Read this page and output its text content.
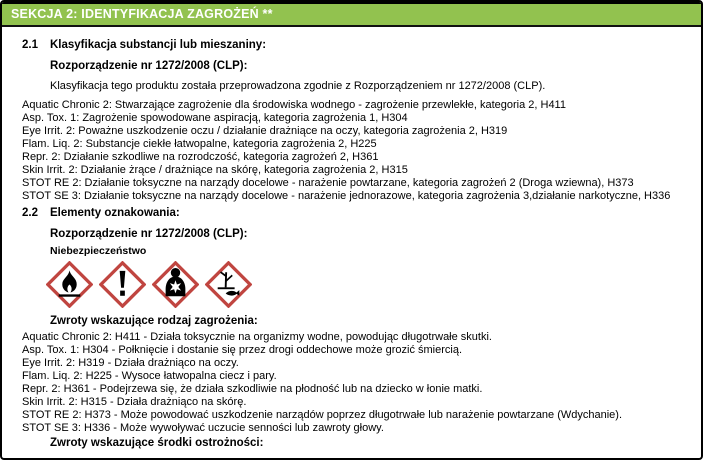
SEKCJA 2: IDENTYFIKACJA ZAGROŻEŃ **
2.1 Klasyfikacja substancji lub mieszaniny:
Rozporządzenie nr 1272/2008 (CLP):
Klasyfikacja tego produktu została przeprowadzona zgodnie z Rozporządzeniem nr 1272/2008 (CLP).
Aquatic Chronic 2: Stwarzające zagrożenie dla środowiska wodnego - zagrożenie przewlekłe, kategoria 2, H411
Asp. Tox. 1: Zagrożenie spowodowane aspiracją, kategoria zagrożenia 1, H304
Eye Irrit. 2: Poważne uszkodzenie oczu / działanie drażniące na oczy, kategoria zagrożenia 2, H319
Flam. Liq. 2: Substancje ciekłe łatwopalne, kategoria zagrożenia 2, H225
Repr. 2: Działanie szkodliwe na rozrodczość, kategoria zagrożeń 2, H361
Skin Irrit. 2: Działanie żrące / drażniące na skórę, kategoria zagrożenia 2, H315
STOT RE 2: Działanie toksyczne na narządy docelowe - narażenie powtarzane, kategoria zagrożeń 2 (Droga wziewna), H373
STOT SE 3: Działanie toksyczne na narządy docelowe - narażenie jednorazowe, kategoria zagrożenia 3,działanie narkotyczne, H336
2.2 Elementy oznakowania:
Rozporządzenie nr 1272/2008 (CLP):
Niebezpieczeństwo
Zwroty wskazujące rodzaj zagrożenia:
Aquatic Chronic 2: H411 - Działa toksycznie na organizmy wodne, powodując długotrwałe skutki.
Asp. Tox. 1: H304 - Połknięcie i dostanie się przez drogi oddechowe może grozić śmiercią.
Eye Irrit. 2: H319 - Działa drażniąco na oczy.
Flam. Liq. 2: H225 - Wysoce łatwopalna ciecz i pary.
Repr. 2: H361 - Podejrzewa się, że działa szkodliwie na płodność lub na dziecko w łonie matki.
Skin Irrit. 2: H315 - Działa drażniąco na skórę.
STOT RE 2: H373 - Może powodować uszkodzenie narządów poprzez długotrwałe lub narażenie powtarzane (Wdychanie).
STOT SE 3: H336 - Może wywoływać uczucie senności lub zawroty głowy.
Zwroty wskazujące środki ostrożności:
